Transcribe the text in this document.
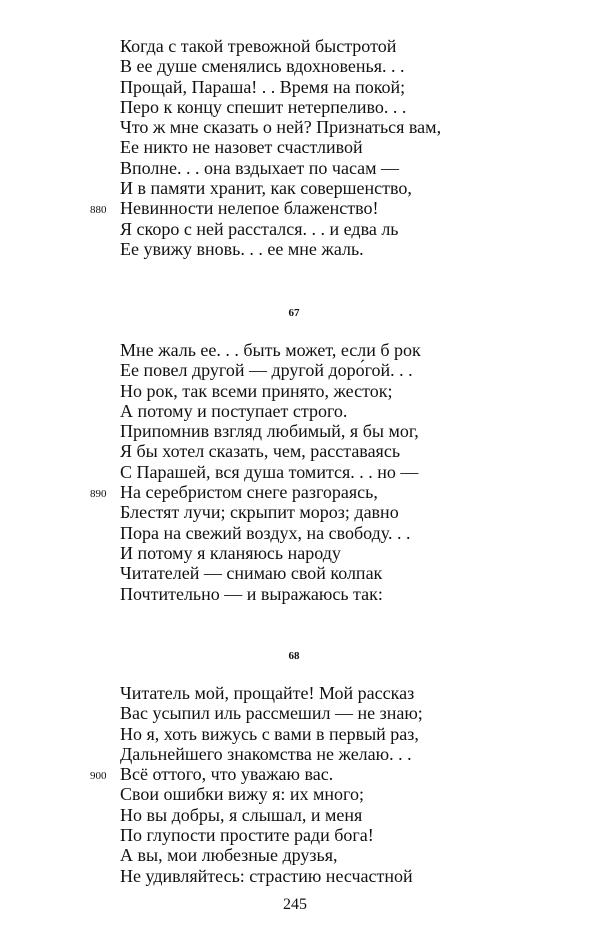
Когда с такой тревожной быстротой
В ее душе сменялись вдохновенья. . .
Прощай, Параша! . . Время на покой;
Перо к концу спешит нетерпеливо. . .
Что ж мне сказать о ней? Признаться вам,
Ее никто не назовет счастливой
Вполне. . . она вздыхает по часам —
И в памяти хранит, как совершенство,
880 Невинности нелепое блаженство!
Я скоро с ней расстался. . . и едва ль
Ее увижу вновь. . . ее мне жаль.
67
Мне жаль ее. . . быть может, если б рок
Ее повел другой — другой доро́гой. . .
Но рок, так всеми принято, жесток;
А потому и поступает строго.
Припомнив взгляд любимый, я бы мог,
Я бы хотел сказать, чем, расставаясь
С Парашей, вся душа томится. . . но —
890 На серебристом снеге разгораясь,
Блестят лучи; скрыпит мороз; давно
Пора на свежий воздух, на свободу. . .
И потому я кланяюсь народу
Читателей — снимаю свой колпак
Почтительно — и выражаюсь так:
68
Читатель мой, прощайте! Мой рассказ
Вас усыпил иль рассмешил — не знаю;
Но я, хоть вижусь с вами в первый раз,
Дальнейшего знакомства не желаю. . .
900 Всё оттого, что уважаю вас.
Свои ошибки вижу я: их много;
Но вы добры, я слышал, и меня
По глупости простите ради бога!
А вы, мои любезные друзья,
Не удивляйтесь: страстию несчастной
245
